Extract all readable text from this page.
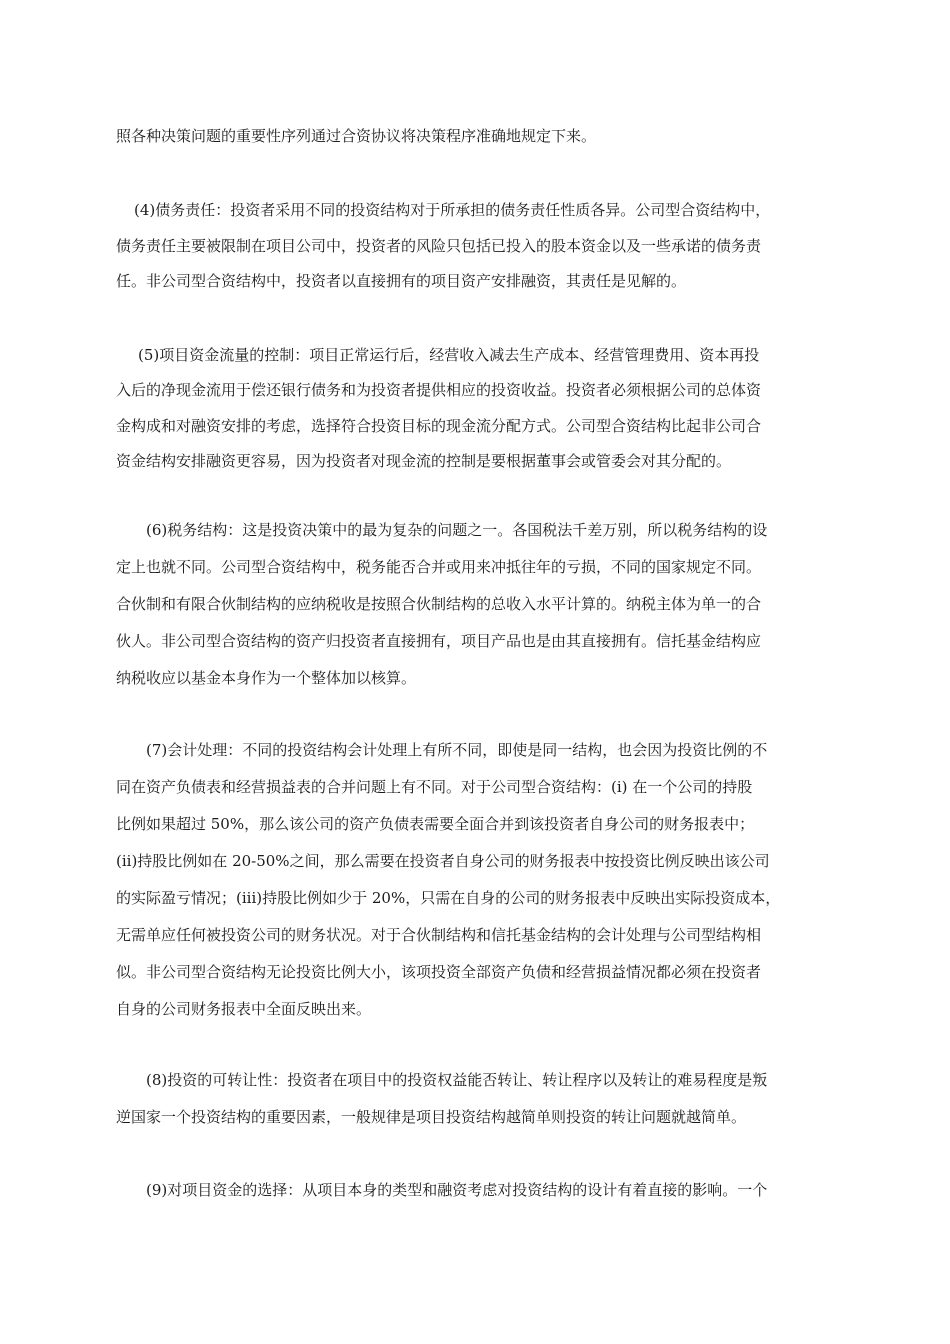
照各种决策问题的重要性序列通过合资协议将决策程序准确地规定下来。
(4)债务责任：投资者采用不同的投资结构对于所承担的债务责任性质各异。公司型合资结构中，
债务责任主要被限制在项目公司中，投资者的风险只包括已投入的股本资金以及一些承诺的债务责
任。非公司型合资结构中，投资者以直接拥有的项目资产安排融资，其责任是见解的。
(5)项目资金流量的控制：项目正常运行后，经营收入减去生产成本、经营管理费用、资本再投
入后的净现金流用于偿还银行债务和为投资者提供相应的投资收益。投资者必须根据公司的总体资
金构成和对融资安排的考虑，选择符合投资目标的现金流分配方式。公司型合资结构比起非公司合
资金结构安排融资更容易，因为投资者对现金流的控制是要根据董事会或管委会对其分配的。
(6)税务结构：这是投资决策中的最为复杂的问题之一。各国税法千差万别，所以税务结构的设
定上也就不同。公司型合资结构中，税务能否合并或用来冲抵往年的亏损，不同的国家规定不同。
合伙制和有限合伙制结构的应纳税收是按照合伙制结构的总收入水平计算的。纳税主体为单一的合
伙人。非公司型合资结构的资产归投资者直接拥有，项目产品也是由其直接拥有。信托基金结构应
纳税收应以基金本身作为一个整体加以核算。
(7)会计处理：不同的投资结构会计处理上有所不同，即使是同一结构，也会因为投资比例的不
同在资产负债表和经营损益表的合并问题上有不同。对于公司型合资结构：(i) 在一个公司的持股
比例如果超过 50%，那么该公司的资产负债表需要全面合并到该投资者自身公司的财务报表中；
(ii)持股比例如在 20-50%之间，那么需要在投资者自身公司的财务报表中按投资比例反映出该公司
的实际盈亏情况；(iii)持股比例如少于 20%，只需在自身的公司的财务报表中反映出实际投资成本，
无需单应任何被投资公司的财务状况。对于合伙制结构和信托基金结构的会计处理与公司型结构相
似。非公司型合资结构无论投资比例大小，该项投资全部资产负债和经营损益情况都必须在投资者
自身的公司财务报表中全面反映出来。
(8)投资的可转让性：投资者在项目中的投资权益能否转让、转让程序以及转让的难易程度是叛
逆国家一个投资结构的重要因素，一般规律是项目投资结构越简单则投资的转让问题就越简单。
(9)对项目资金的选择：从项目本身的类型和融资考虑对投资结构的设计有着直接的影响。一个
